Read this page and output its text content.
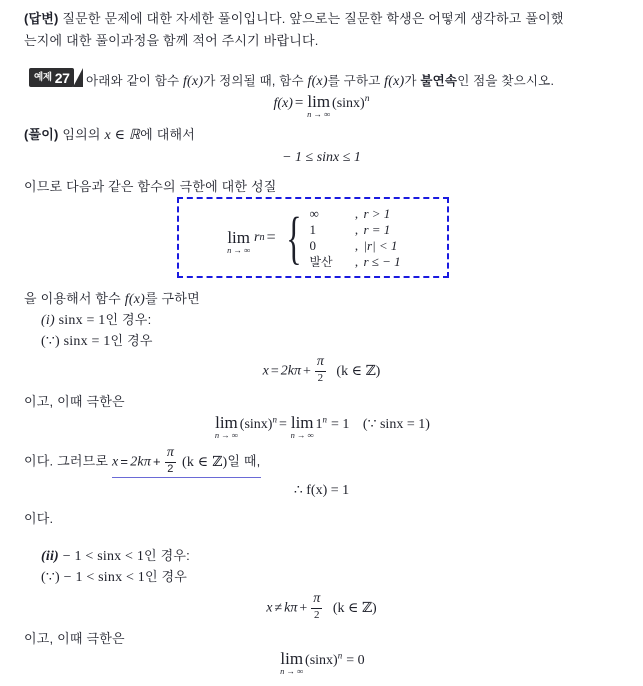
(답변) 질문한 문제에 대한 자세한 풀이입니다. 앞으로는 질문한 학생은 어떻게 생각하고 풀이했
는지에 대한 풀이과정을 함께 적어 주시기 바랍니다.
예제 27 아래와 같이 함수 f(x)가 정의될 때, 함수 f(x)를 구하고 f(x)가 불연속인 점을 찾으시오.
f(x) = lim
n → ∞
$(\sin x)^n$
(풀이) 임의의 x ∈ ℝ에 대해서
− 1 ≤ sinx ≤ 1
이므로 다음과 같은 함수의 극한에 대한 성질
lim
n → ∞
r n = { ∞	, r > 1
1	, r = 1
0	, |r| < 1
발산	, r ≤ − 1
을 이용해서 함수 f(x)를 구하면
(i) sinx = 1인 경우:
(∵) sinx = 1인 경우
$x = 2k\pi + \frac{\pi}{2} (k$ ∈ ℤ)
이고, 이때 극한은
lim
n → ∞
$(\sin x)^n = \lim$
n → ∞
$1^n = 1$ (∵ sinx = 1)
이다. 그러므로 $x = 2k\pi + \frac{\pi}{2} (k$ ∈ ℤ)일 때,
∴ f(x) = 1
이다.
(ii) − 1 < sinx < 1인 경우:
(∵) − 1 < sinx < 1인 경우
$x \ne k\pi + \frac{\pi}{2} (k$ ∈ ℤ)
이고, 이때 극한은
lim
n → ∞
$(\sin x)^n = 0$
